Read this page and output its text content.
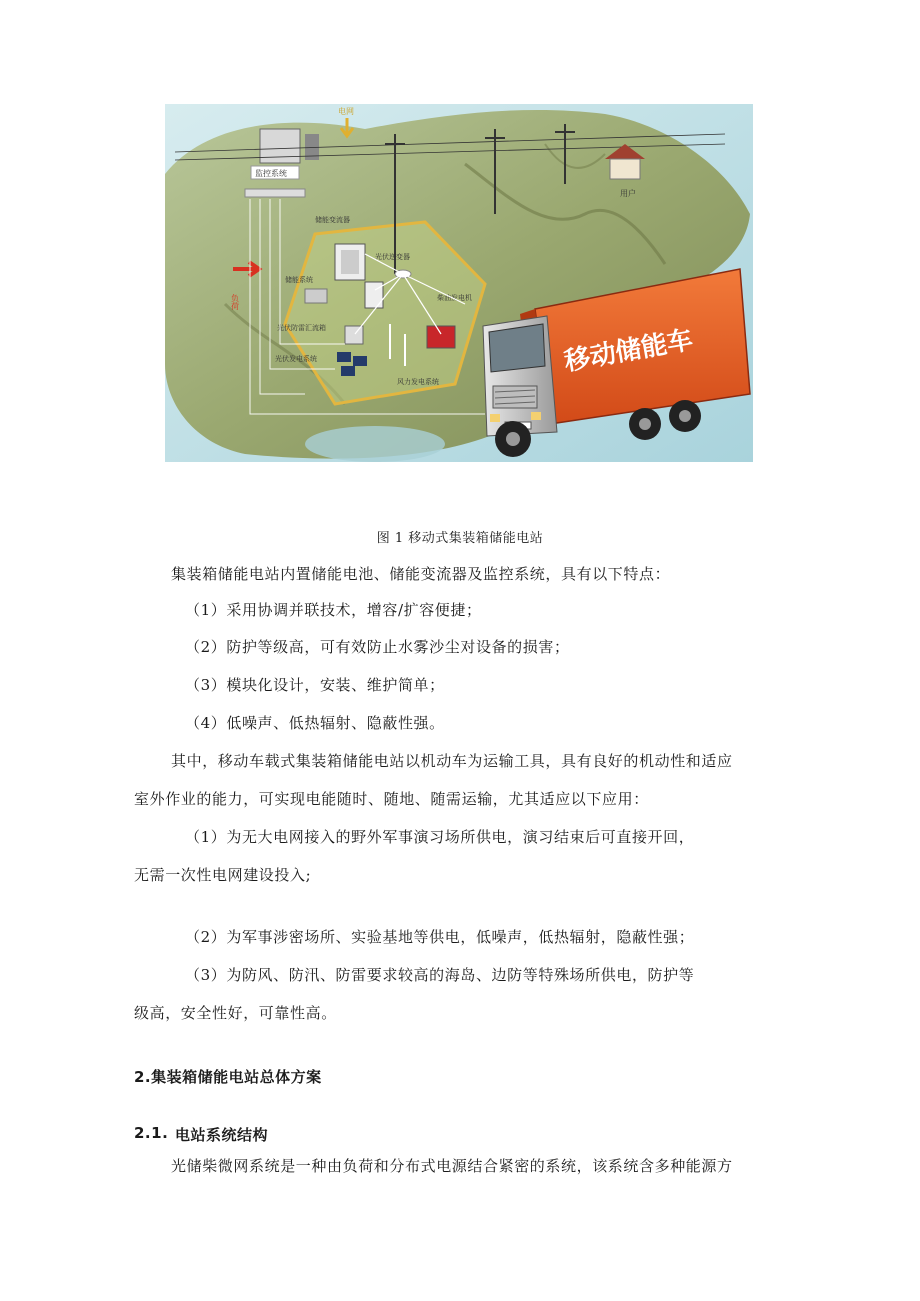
监控系统
电网
用户
储能变流器
光伏逆变器
储能系统
光伏防雷汇流箱
光伏发电系统
风力发电系统
柴油发电机
负荷
移动储能车
图 1 移动式集装箱储能电站
集装箱储能电站内置储能电池、储能变流器及监控系统，具有以下特点：
（1）采用协调并联技术，增容/扩容便捷；
（2）防护等级高，可有效防止水雾沙尘对设备的损害；
（3）模块化设计，安装、维护简单；
（4）低噪声、低热辐射、隐蔽性强。
其中，移动车载式集装箱储能电站以机动车为运输工具，具有良好的机动性和适应
室外作业的能力，可实现电能随时、随地、随需运输，尤其适应以下应用：
（1）为无大电网接入的野外军事演习场所供电，演习结束后可直接开回，
无需一次性电网建设投入;
（2）为军事涉密场所、实验基地等供电，低噪声，低热辐射，隐蔽性强；
（3）为防风、防汛、防雷要求较高的海岛、边防等特殊场所供电，防护等
级高，安全性好，可靠性高。
2.集装箱储能电站总体方案
2.1. 电站系统结构
光储柴微网系统是一种由负荷和分布式电源结合紧密的系统，该系统含多种能源方
